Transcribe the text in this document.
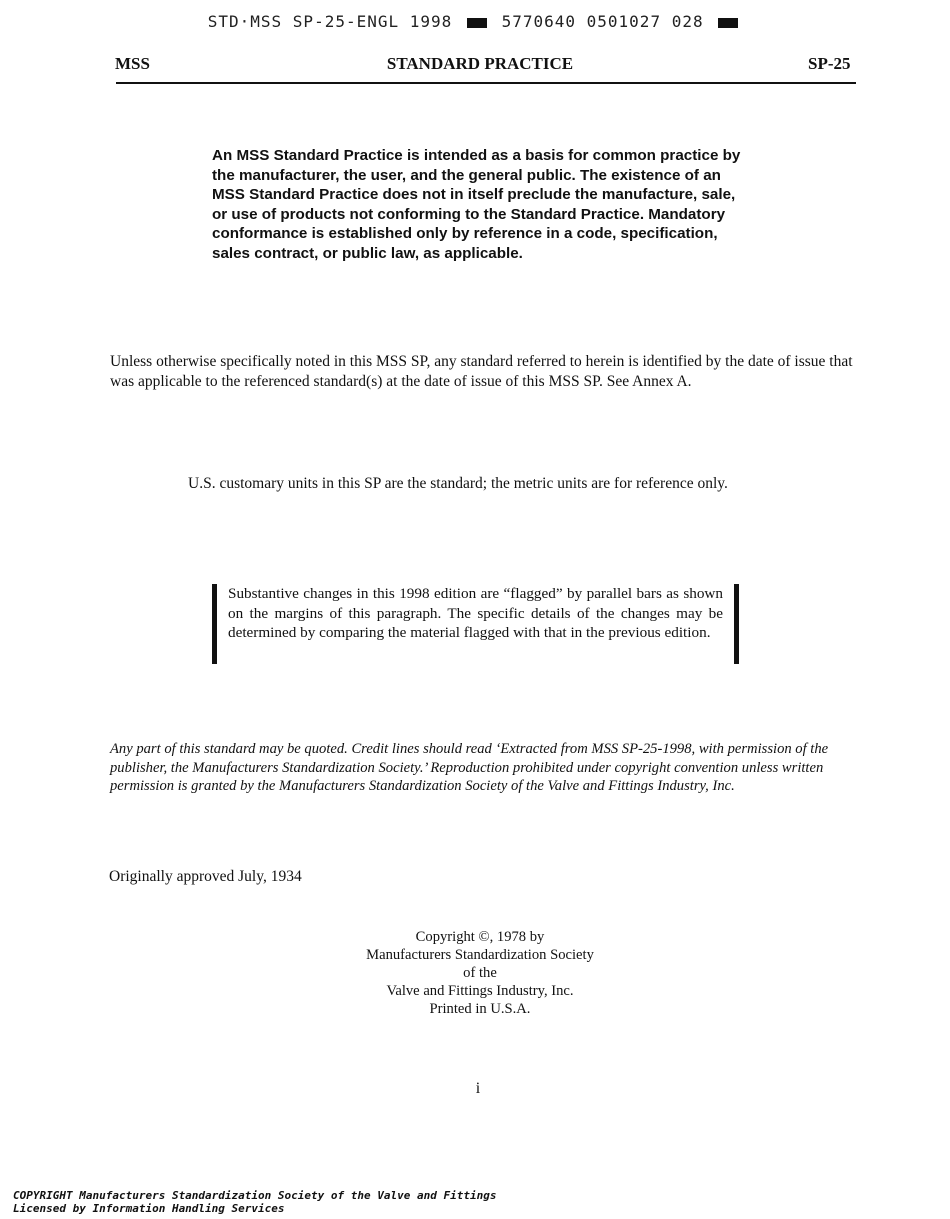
STD·MSS SP-25-ENGL 1998	5770640 0501027 028
MSS	STANDARD PRACTICE	SP-25
An MSS Standard Practice is intended as a basis for common practice by the manufacturer, the user, and the general public. The existence of an MSS Standard Practice does not in itself preclude the manufacture, sale, or use of products not conforming to the Standard Practice. Mandatory conformance is established only by reference in a code, specification, sales contract, or public law, as applicable.
Unless otherwise specifically noted in this MSS SP, any standard referred to herein is identified by the date of issue that was applicable to the referenced standard(s) at the date of issue of this MSS SP. See Annex A.
U.S. customary units in this SP are the standard; the metric units are for reference only.
Substantive changes in this 1998 edition are “flagged” by parallel bars as shown on the margins of this paragraph. The specific details of the changes may be determined by comparing the material flagged with that in the previous edition.
Any part of this standard may be quoted. Credit lines should read ‘Extracted from MSS SP-25-1998, with permission of the publisher, the Manufacturers Standardization Society.’ Reproduction prohibited under copyright convention unless written permission is granted by the Manufacturers Standardization Society of the Valve and Fittings Industry, Inc.
Originally approved July, 1934
Copyright ©, 1978 by
Manufacturers Standardization Society
of the
Valve and Fittings Industry, Inc.
Printed in U.S.A.
i
COPYRIGHT Manufacturers Standardization Society of the Valve and Fittings
Licensed by Information Handling Services
